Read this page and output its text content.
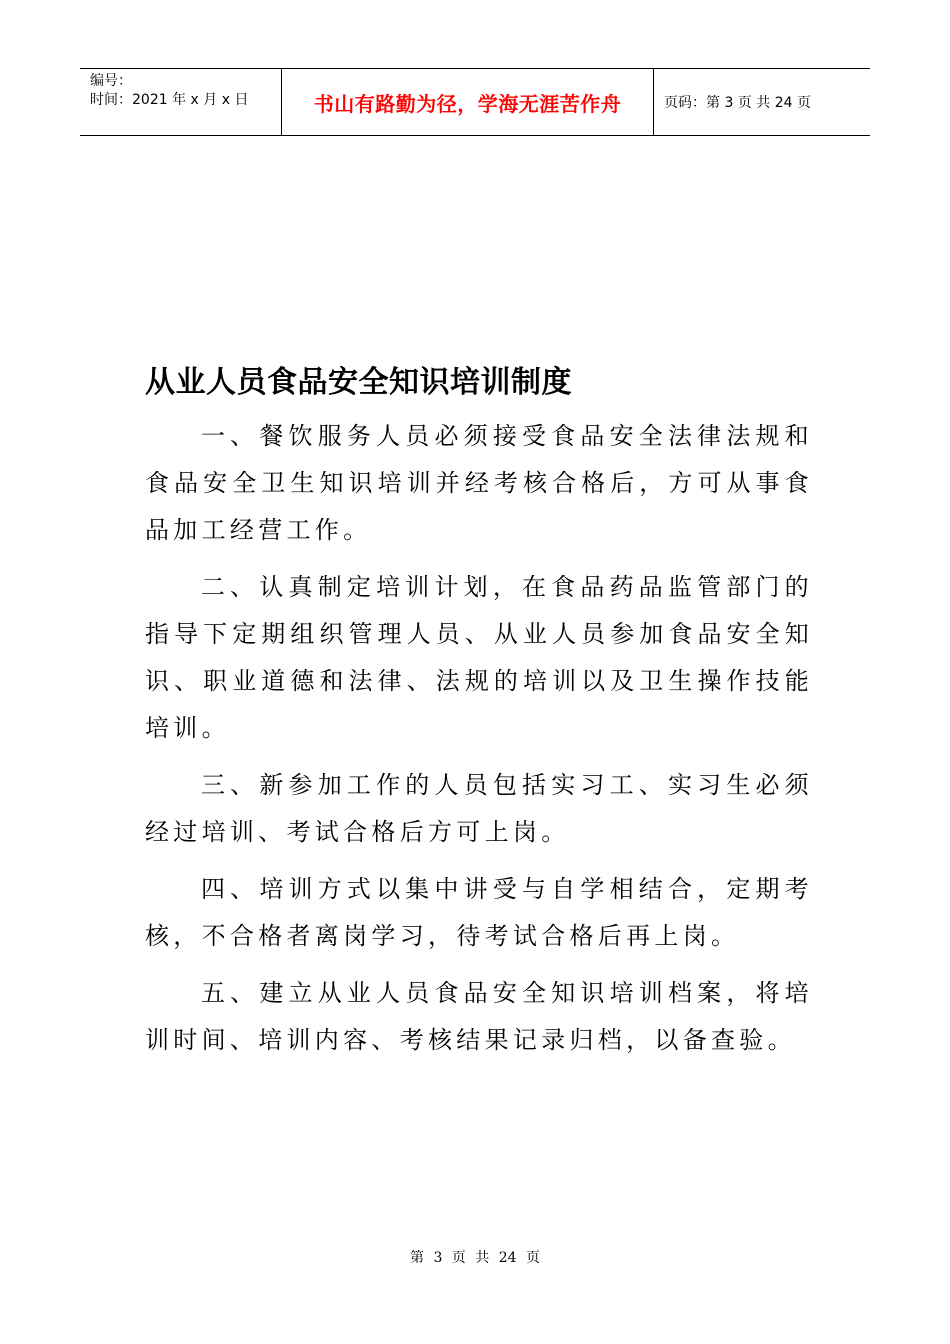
编号：
时间：2021 年 x 月 x 日	书山有路勤为径，学海无涯苦作舟	页码：第 3 页 共 24 页
从业人员食品安全知识培训制度

一、餐饮服务人员必须接受食品安全法律法规和食品安全卫生知识培训并经考核合格后，方可从事食品加工经营工作。

二、认真制定培训计划，在食品药品监管部门的指导下定期组织管理人员、从业人员参加食品安全知识、职业道德和法律、法规的培训以及卫生操作技能培训。

三、新参加工作的人员包括实习工、实习生必须经过培训、考试合格后方可上岗。

四、培训方式以集中讲受与自学相结合，定期考核，不合格者离岗学习，待考试合格后再上岗。

五、建立从业人员食品安全知识培训档案，将培训时间、培训内容、考核结果记录归档，以备查验。

第 3 页 共 24 页
